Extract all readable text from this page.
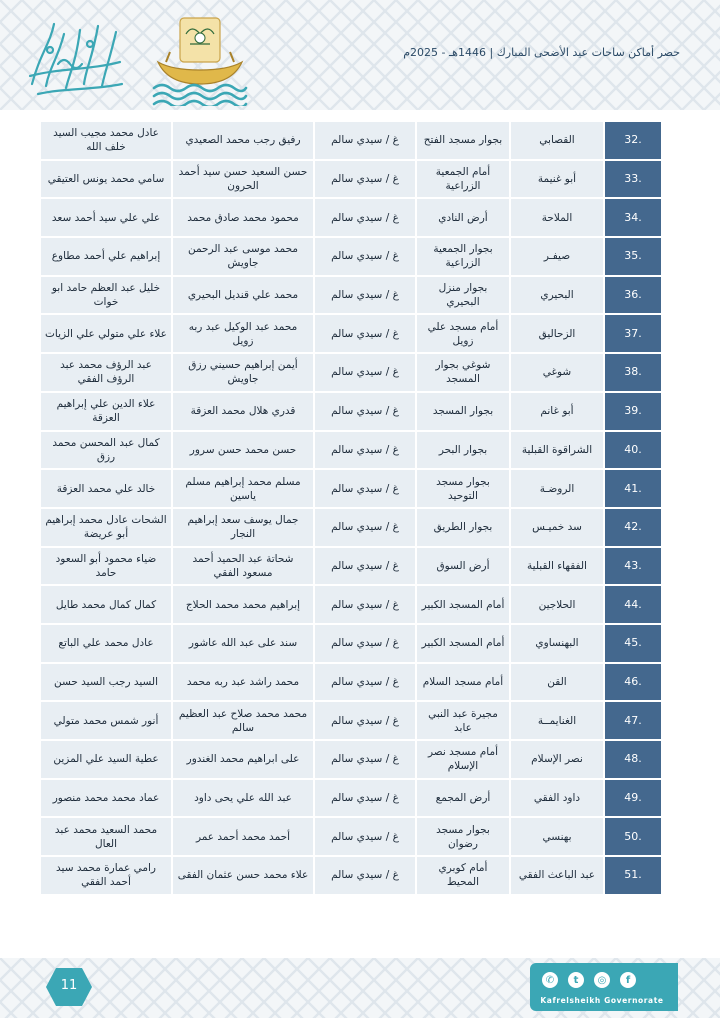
حصر أماكن ساحات عيد الأضحى المبارك | 1446هـ - 2025م
.32	القصابي	بجوار مسجد الفتح	غ / سيدي سالم	رفيق رجب محمد الصعيدي	عادل محمد مجيب السيد خلف الله
.33	أبو غنيمة	أمام الجمعية الزراعية	غ / سيدي سالم	حسن السعيد حسن سيد أحمد الحرون	سامي محمد يونس العتيقي
.34	الملاحة	أرض النادي	غ / سيدي سالم	محمود محمد صادق محمد	علي علي سيد أحمد سعد
.35	صيفـر	بجوار الجمعية الزراعية	غ / سيدي سالم	محمد موسى عبد الرحمن جاويش	إبراهيم علي أحمد مطاوع
.36	البحيري	بجوار منزل البحيري	غ / سيدي سالم	محمد علي قنديل البحيري	خليل عبد العظم حامد ابو خوات
.37	الزحاليق	أمام مسجد علي زويل	غ / سيدي سالم	محمد عبد الوكيل عبد ربه زويل	علاء علي متولي علي الزيات
.38	شوغي	شوغي بجوار المسجد	غ / سيدي سالم	أيمن إبراهيم حسيني رزق جاويش	عبد الرؤف محمد عبد الرؤف الفقي
.39	أبو غانم	بجوار المسجد	غ / سيدي سالم	قدري هلال محمد العزقة	علاء الدين علي إبراهيم العزقة
.40	الشراقوة القبلية	بجوار البحر	غ / سيدي سالم	حسن محمد حسن سرور	كمال عبد المحسن محمد رزق
.41	الروضـة	بجوار مسجد التوحيد	غ / سيدي سالم	مسلم محمد إبراهيم مسلم ياسين	خالد علي محمد العزقة
.42	سد خميـس	بجوار الطريق	غ / سيدي سالم	جمال يوسف سعد إبراهيم النجار	الشحات عادل محمد إبراهيم أبو عريضة
.43	الفقهاء القبلية	أرض السوق	غ / سيدي سالم	شحاتة عبد الحميد أحمد مسعود الفقي	ضياء محمود أبو السعود حامد
.44	الحلاجين	أمام المسجد الكبير	غ / سيدي سالم	إبراهيم محمد محمد الحلاج	كمال كمال محمد طايل
.45	البهنساوي	أمام المسجد الكبير	غ / سيدي سالم	سند على عبد الله عاشور	عادل محمد علي الباتع
.46	القن	أمام مسجد السلام	غ / سيدي سالم	محمد راشد عبد ربه محمد	السيد رجب السيد حسن
.47	الغنايمــة	مجيرة عبد النبي عابد	غ / سيدي سالم	محمد محمد صلاح عبد العظيم سالم	أنور شمس محمد متولي
.48	نصر الإسلام	أمام مسجد نصر الإسلام	غ / سيدي سالم	على ابراهيم محمد الغندور	عطية السيد علي المزين
.49	داود الفقي	أرض المجمع	غ / سيدي سالم	عبد الله علي يحى داود	عماد محمد محمد منصور
.50	بهنسي	بجوار مسجد رضوان	غ / سيدي سالم	أحمد محمد أحمد عمر	محمد السعيد محمد عبد العال
.51	عبد الباعث الفقي	أمام كوبري المحيط	غ / سيدي سالم	علاء محمد حسن عثمان الفقى	رامي عمارة محمد سيد أحمد الفقي
11	✆	t	◎	f
Kafrelsheikh Governorate
